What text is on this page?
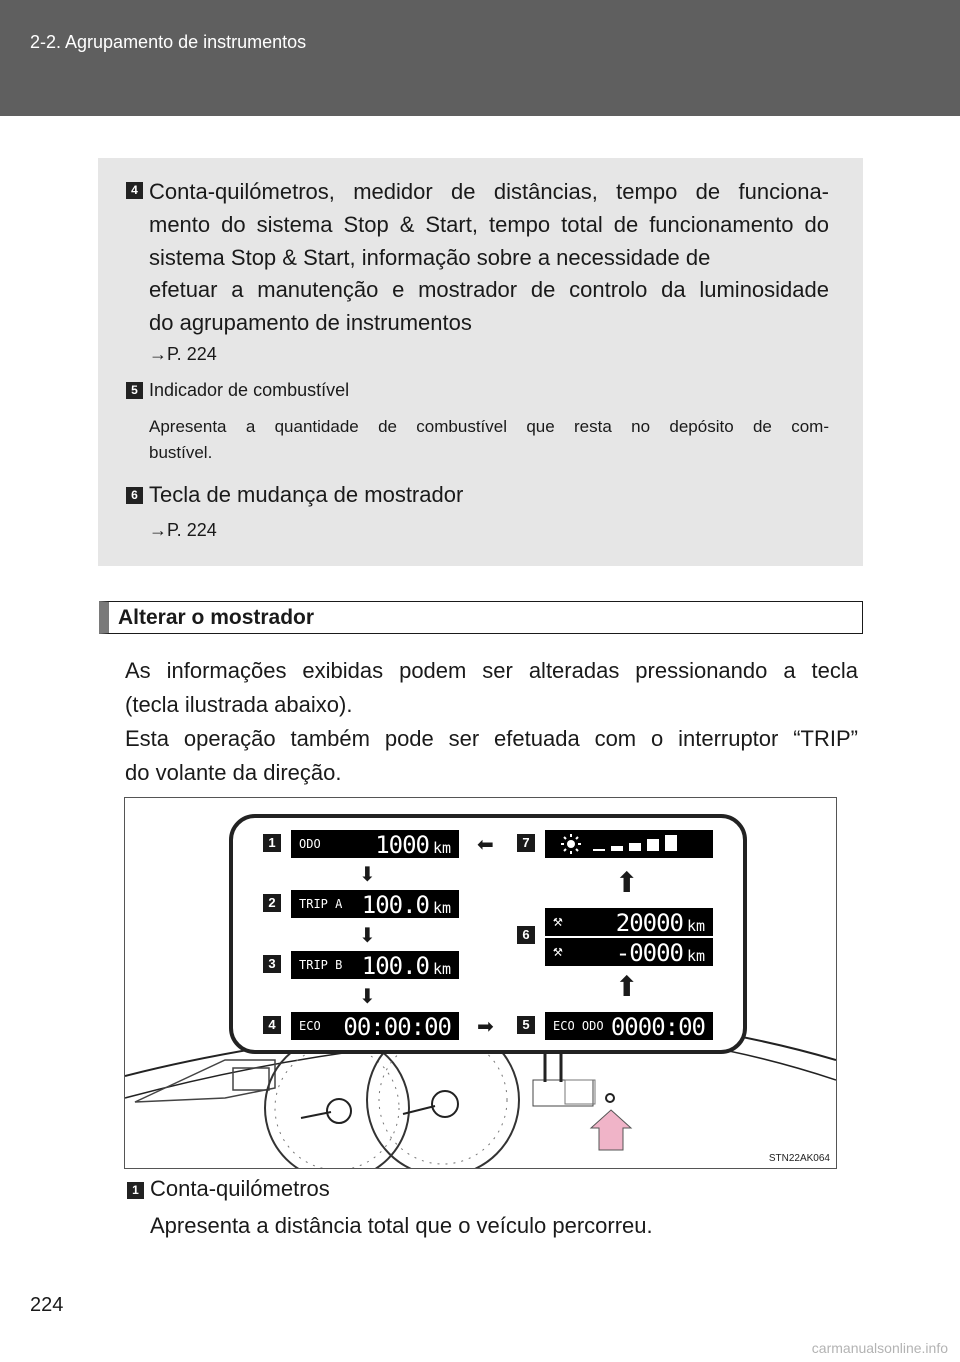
2-2. Agrupamento de instrumentos
4 Conta-quilómetros, medidor de distâncias, tempo de funciona-
mento do sistema Stop & Start, tempo total de funcionamento do
sistema Stop & Start, informação sobre a necessidade de
efetuar a manutenção e mostrador de controlo da luminosidade
do agrupamento de instrumentos
→P. 224
5 Indicador de combustível
Apresenta a quantidade de combustível que resta no depósito de com-
bustível.
6 Tecla de mudança de mostrador
→P. 224
Alterar o mostrador
As informações exibidas podem ser alteradas pressionando a tecla
(tecla ilustrada abaixo).
Esta operação também pode ser efetuada com o interruptor “TRIP”
do volante da direção.
1	ODO 1000 km
2	TRIP A 100.0 km
3	TRIP B 100.0 km
4	ECO 00:00:00
⬇
⬇
⬇
⬅
➡
7
⬆
6
⚒ 20000 km
⚒ -0000 km
⬆
5	ECO ODO 0000:00
STN22AK064
1 Conta-quilómetros
Apresenta a distância total que o veículo percorreu.
224
carmanualsonline.info
